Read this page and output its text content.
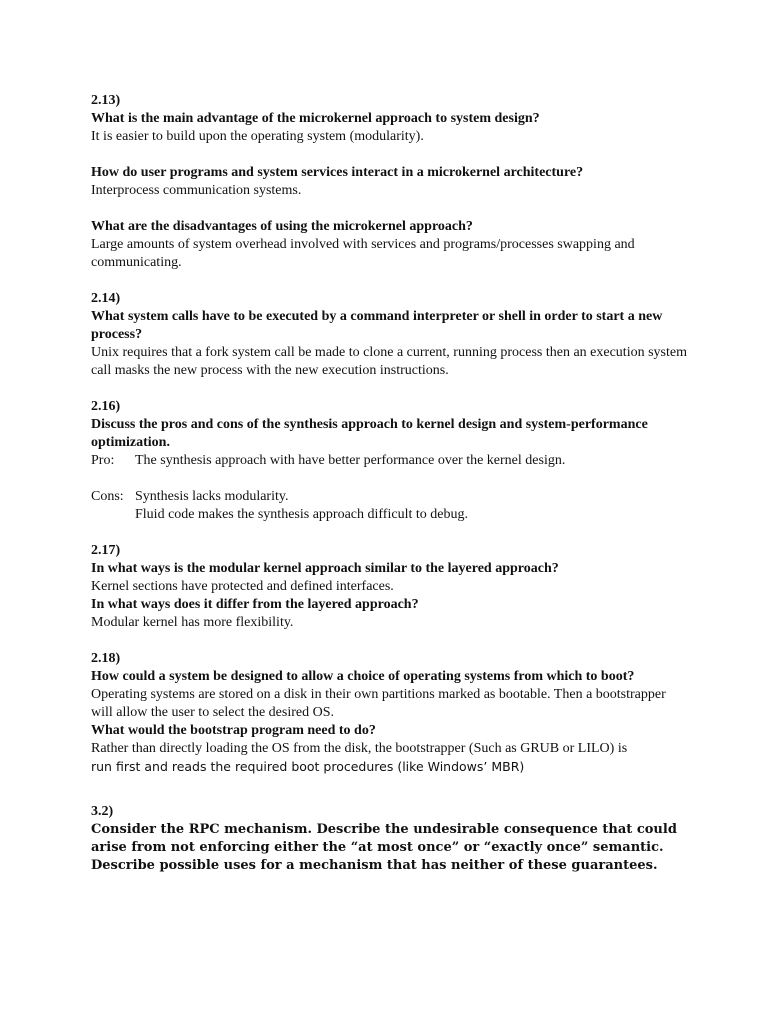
2.13)
What is the main advantage of the microkernel approach to system design?
It is easier to build upon the operating system (modularity).
How do user programs and system services interact in a microkernel architecture?
Interprocess communication systems.
What are the disadvantages of using the microkernel approach?
Large amounts of system overhead involved with services and programs/processes swapping and communicating.
2.14)
What system calls have to be executed by a command interpreter or shell in order to start a new process?
Unix requires that a fork system call be made to clone a current, running process then an execution system call masks the new process with the new execution instructions.
2.16)
Discuss the pros and cons of the synthesis approach to kernel design and system-performance optimization.
Pro:	The synthesis approach with have better performance over the kernel design.
Cons: Synthesis lacks modularity.
Fluid code makes the synthesis approach difficult to debug.
2.17)
In what ways is the modular kernel approach similar to the layered approach?
Kernel sections have protected and defined interfaces.
In what ways does it differ from the layered approach?
Modular kernel has more flexibility.
2.18)
How could a system be designed to allow a choice of operating systems from which to boot?
Operating systems are stored on a disk in their own partitions marked as bootable. Then a bootstrapper will allow the user to select the desired OS.
What would the bootstrap program need to do?
Rather than directly loading the OS from the disk, the bootstrapper (Such as GRUB or LILO) is
run first and reads the required boot procedures (like Windows’ MBR)
3.2)
Consider the RPC mechanism. Describe the undesirable consequence that could arise from not enforcing either the “at most once” or “exactly once” semantic. Describe possible uses for a mechanism that has neither of these guarantees.
